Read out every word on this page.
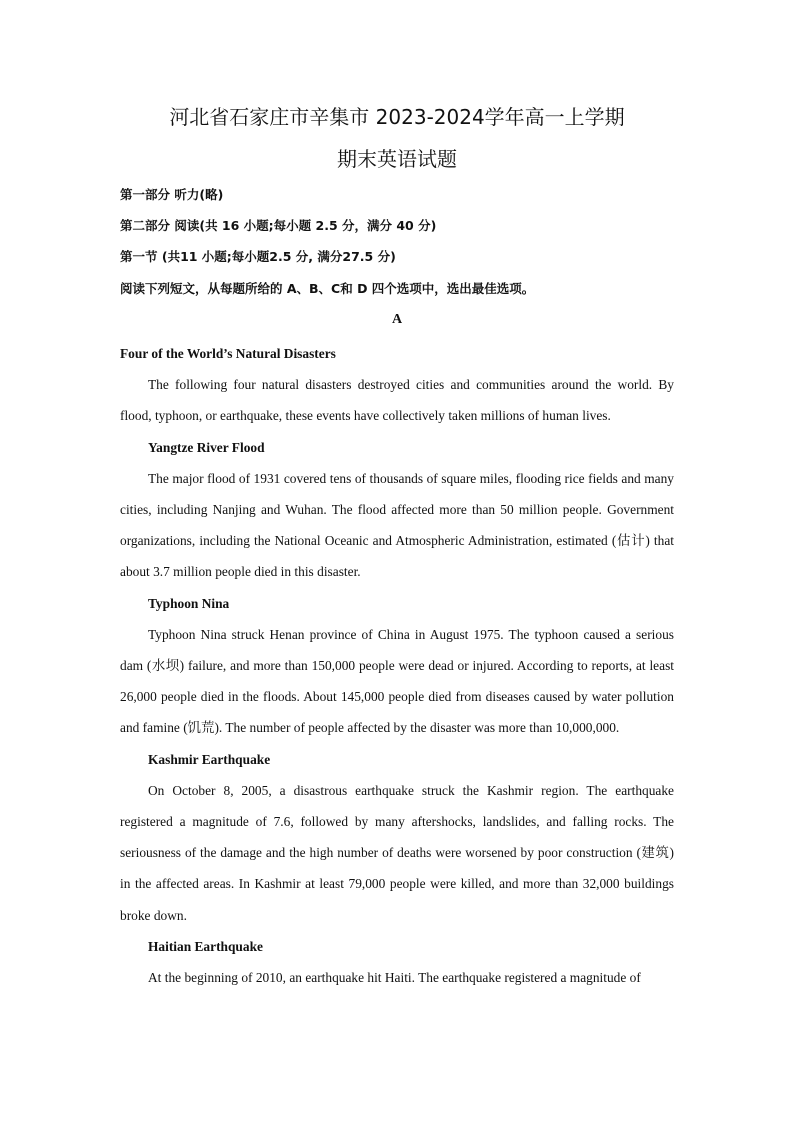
河北省石家庄市辛集市 2023-2024学年高一上学期
期末英语试题
第一部分 听力(略)
第二部分 阅读(共 16 小题;每小题 2.5 分，满分 40 分)
第一节 (共11 小题;每小题2.5 分, 满分27.5 分)
阅读下列短文，从每题所给的 A、B、C和 D 四个选项中，选出最佳选项。
A

Four of the World’s Natural Disasters

The following four natural disasters destroyed cities and communities around the world. By flood, typhoon, or earthquake, these events have collectively taken millions of human lives.

Yangtze River Flood

The major flood of 1931 covered tens of thousands of square miles, flooding rice fields and many cities, including Nanjing and Wuhan. The flood affected more than 50 million people. Government organizations, including the National Oceanic and Atmospheric Administration, estimated (估计) that about 3.7 million people died in this disaster.

Typhoon Nina

Typhoon Nina struck Henan province of China in August 1975. The typhoon caused a serious dam (水坝) failure, and more than 150,000 people were dead or injured. According to reports, at least 26,000 people died in the floods. About 145,000 people died from diseases caused by water pollution and famine (饥荒). The number of people affected by the disaster was more than 10,000,000.

Kashmir Earthquake

On October 8, 2005, a disastrous earthquake struck the Kashmir region. The earthquake registered a magnitude of 7.6, followed by many aftershocks, landslides, and falling rocks. The seriousness of the damage and the high number of deaths were worsened by poor construction (建筑) in the affected areas. In Kashmir at least 79,000 people were killed, and more than 32,000 buildings broke down.

Haitian Earthquake

At the beginning of 2010, an earthquake hit Haiti. The earthquake registered a magnitude of
